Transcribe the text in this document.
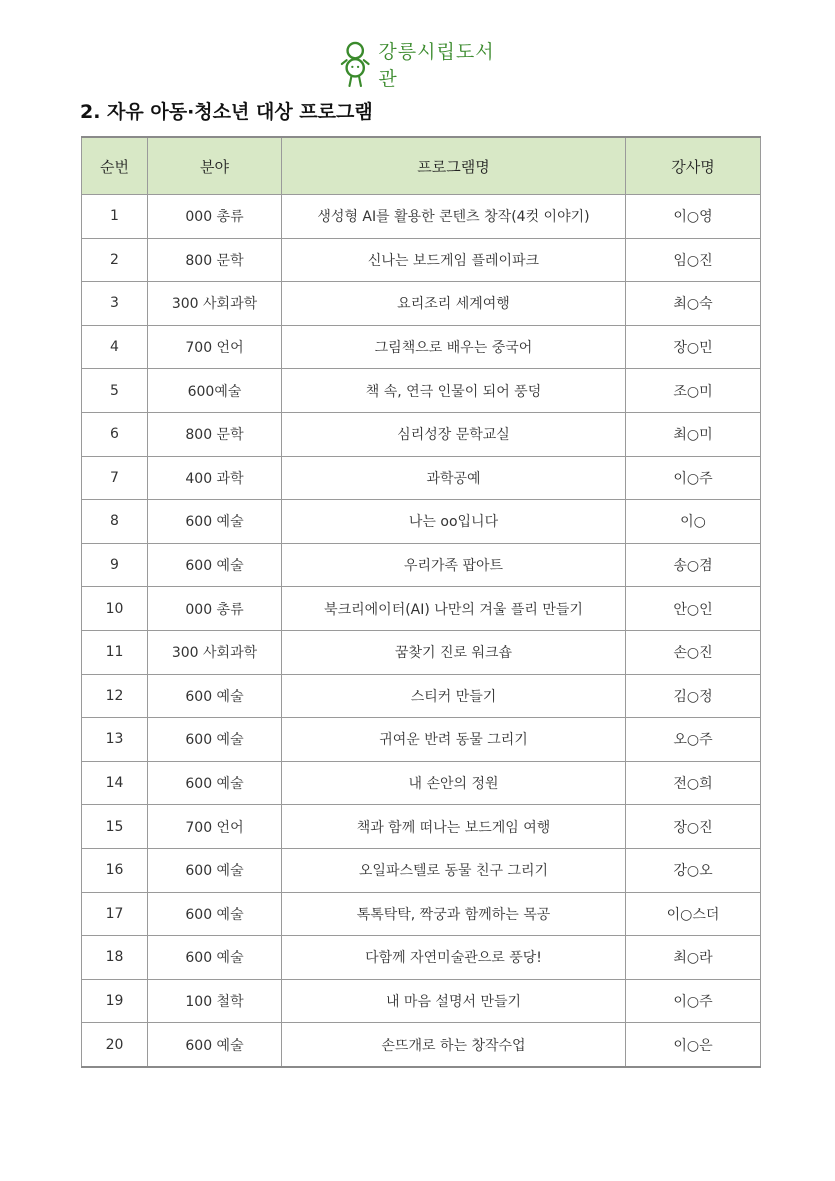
강릉시립도서관
2. 자유 아동·청소년 대상 프로그램
순번	분야	프로그램명	강사명
1	000 총류	생성형 AI를 활용한 콘텐츠 창작(4컷 이야기)	이○영
2	800 문학	신나는 보드게임 플레이파크	임○진
3	300 사회과학	요리조리 세계여행	최○숙
4	700 언어	그림책으로 배우는 중국어	장○민
5	600예술	책 속, 연극 인물이 되어 풍덩	조○미
6	800 문학	심리성장 문학교실	최○미
7	400 과학	과학공예	이○주
8	600 예술	나는 oo입니다	이○
9	600 예술	우리가족 팝아트	송○겸
10	000 총류	북크리에이터(AI) 나만의 겨울 플리 만들기	안○인
11	300 사회과학	꿈찾기 진로 워크숍	손○진
12	600 예술	스티커 만들기	김○정
13	600 예술	귀여운 반려 동물 그리기	오○주
14	600 예술	내 손안의 정원	전○희
15	700 언어	책과 함께 떠나는 보드게임 여행	장○진
16	600 예술	오일파스텔로 동물 친구 그리기	강○오
17	600 예술	톡톡탁탁, 짝궁과 함께하는 목공	이○스더
18	600 예술	다함께 자연미술관으로 풍당!	최○라
19	100 철학	내 마음 설명서 만들기	이○주
20	600 예술	손뜨개로 하는 창작수업	이○은
